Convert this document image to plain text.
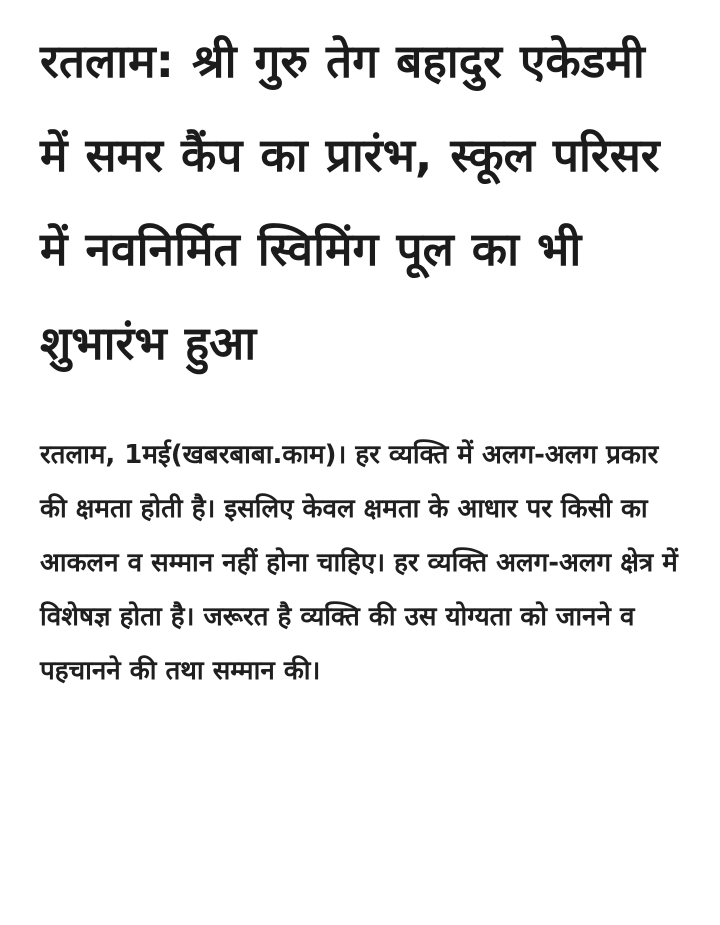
रतलाम: श्री गुरु तेग बहादुर एकेडमी में समर कैंप का प्रारंभ, स्कूल परिसर में नवनिर्मित स्विमिंग पूल का भी शुभारंभ हुआ

रतलाम, 1मई(खबरबाबा.काम)। हर व्यक्ति में अलग-अलग प्रकार की क्षमता होती है। इसलिए केवल क्षमता के आधार पर किसी का आकलन व सम्मान नहीं होना चाहिए। हर व्यक्ति अलग-अलग क्षेत्र में विशेषज्ञ होता है। जरूरत है व्यक्ति की उस योग्यता को जानने व पहचानने की तथा सम्मान की।
